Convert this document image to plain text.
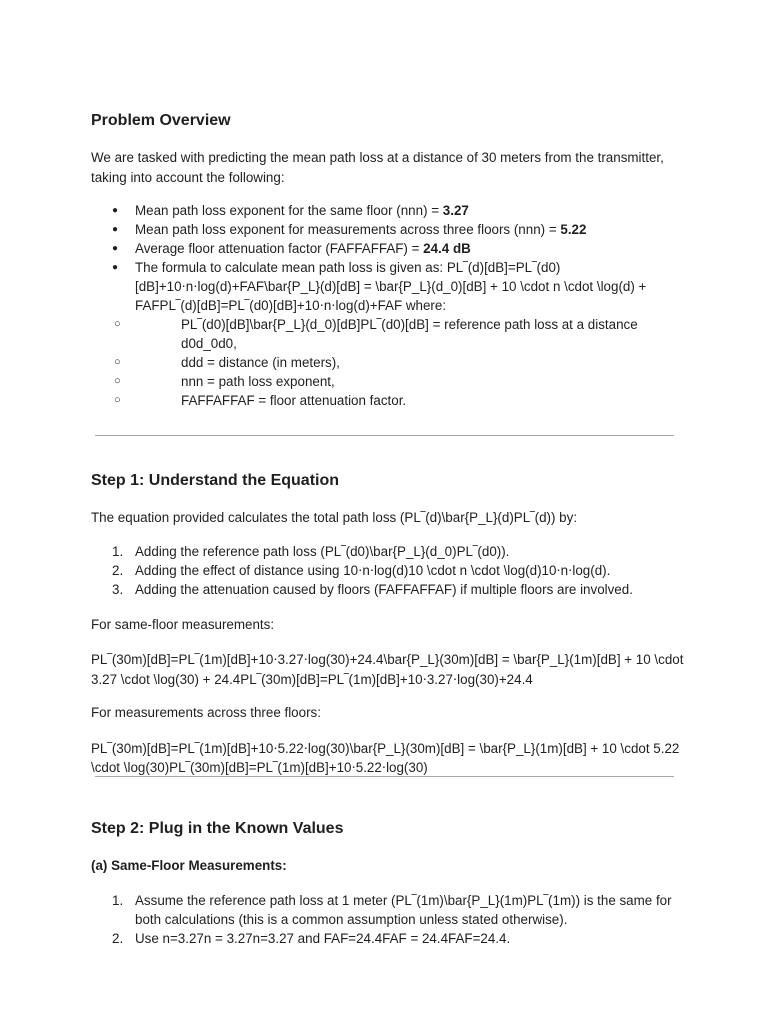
Problem Overview

We are tasked with predicting the mean path loss at a distance of 30 meters from the transmitter, taking into account the following:

● Mean path loss exponent for the same floor (nnn) = 3.27
● Mean path loss exponent for measurements across three floors (nnn) = 5.22
● Average floor attenuation factor (FAFFAFFAF) = 24.4 dB
● The formula to calculate mean path loss is given as: PL‾(d)[dB]=PL‾(d0)[dB]+10⋅n⋅log(d)+FAF\bar{P_L}(d)[dB] = \bar{P_L}(d_0)[dB] + 10 \cdot n \cdot \log(d) + FAFPL‾(d)[dB]=PL‾(d0)[dB]+10⋅n⋅log(d)+FAF where:
○ PL‾(d0)[dB]\bar{P_L}(d_0)[dB]PL‾(d0)[dB] = reference path loss at a distance d0d_0d0,
○ ddd = distance (in meters),
○ nnn = path loss exponent,
○ FAFFAFFAF = floor attenuation factor.
Step 1: Understand the Equation

The equation provided calculates the total path loss (PL‾(d)\bar{P_L}(d)PL‾(d)) by:

1. Adding the reference path loss (PL‾(d0)\bar{P_L}(d_0)PL‾(d0)).
2. Adding the effect of distance using 10⋅n⋅log(d)10 \cdot n \cdot \log(d)10⋅n⋅log(d).
3. Adding the attenuation caused by floors (FAFFAFFAF) if multiple floors are involved.

For same-floor measurements:

PL‾(30m)[dB]=PL‾(1m)[dB]+10⋅3.27⋅log(30)+24.4\bar{P_L}(30m)[dB] = \bar{P_L}(1m)[dB] + 10 \cdot 3.27 \cdot \log(30) + 24.4PL‾(30m)[dB]=PL‾(1m)[dB]+10⋅3.27⋅log(30)+24.4

For measurements across three floors:

PL‾(30m)[dB]=PL‾(1m)[dB]+10⋅5.22⋅log(30)\bar{P_L}(30m)[dB] = \bar{P_L}(1m)[dB] + 10 \cdot 5.22 \cdot \log(30)PL‾(30m)[dB]=PL‾(1m)[dB]+10⋅5.22⋅log(30)

Step 2: Plug in the Known Values

(a) Same-Floor Measurements:

1. Assume the reference path loss at 1 meter (PL‾(1m)\bar{P_L}(1m)PL‾(1m)) is the same for both calculations (this is a common assumption unless stated otherwise).
2. Use n=3.27n = 3.27n=3.27 and FAF=24.4FAF = 24.4FAF=24.4.
